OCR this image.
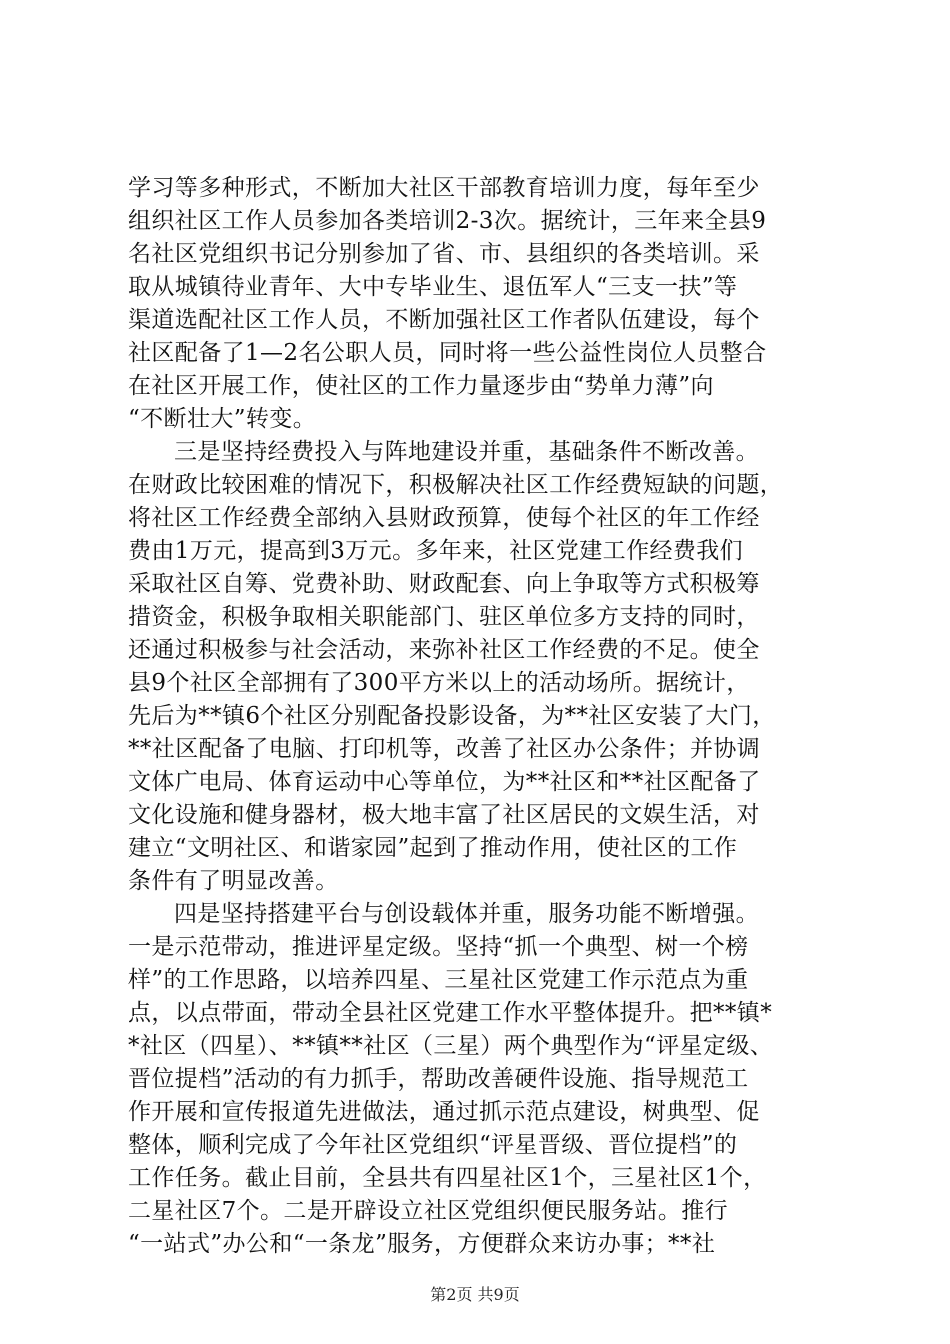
学习等多种形式，不断加大社区干部教育培训力度，每年至少
组织社区工作人员参加各类培训2-3次。据统计，三年来全县9
名社区党组织书记分别参加了省、市、县组织的各类培训。采
取从城镇待业青年、大中专毕业生、退伍军人“三支一扶”等
渠道选配社区工作人员，不断加强社区工作者队伍建设，每个
社区配备了1—2名公职人员，同时将一些公益性岗位人员整合
在社区开展工作，使社区的工作力量逐步由“势单力薄”向
“不断壮大”转变。
三是坚持经费投入与阵地建设并重，基础条件不断改善。
在财政比较困难的情况下，积极解决社区工作经费短缺的问题，
将社区工作经费全部纳入县财政预算，使每个社区的年工作经
费由1万元，提高到3万元。多年来，社区党建工作经费我们
采取社区自筹、党费补助、财政配套、向上争取等方式积极筹
措资金，积极争取相关职能部门、驻区单位多方支持的同时，
还通过积极参与社会活动，来弥补社区工作经费的不足。使全
县9个社区全部拥有了300平方米以上的活动场所。据统计，
先后为**镇6个社区分别配备投影设备，为**社区安装了大门，
**社区配备了电脑、打印机等，改善了社区办公条件；并协调
文体广电局、体育运动中心等单位，为**社区和**社区配备了
文化设施和健身器材，极大地丰富了社区居民的文娱生活，对
建立“文明社区、和谐家园”起到了推动作用，使社区的工作
条件有了明显改善。
四是坚持搭建平台与创设载体并重，服务功能不断增强。
一是示范带动，推进评星定级。坚持“抓一个典型、树一个榜
样”的工作思路，以培养四星、三星社区党建工作示范点为重
点，以点带面，带动全县社区党建工作水平整体提升。把**镇*
*社区（四星）、**镇**社区（三星）两个典型作为“评星定级、
晋位提档”活动的有力抓手，帮助改善硬件设施、指导规范工
作开展和宣传报道先进做法，通过抓示范点建设，树典型、促
整体，顺利完成了今年社区党组织“评星晋级、晋位提档”的
工作任务。截止目前，全县共有四星社区1个，三星社区1个，
二星社区7个。二是开辟设立社区党组织便民服务站。推行
“一站式”办公和“一条龙”服务，方便群众来访办事；**社
第2页 共9页
